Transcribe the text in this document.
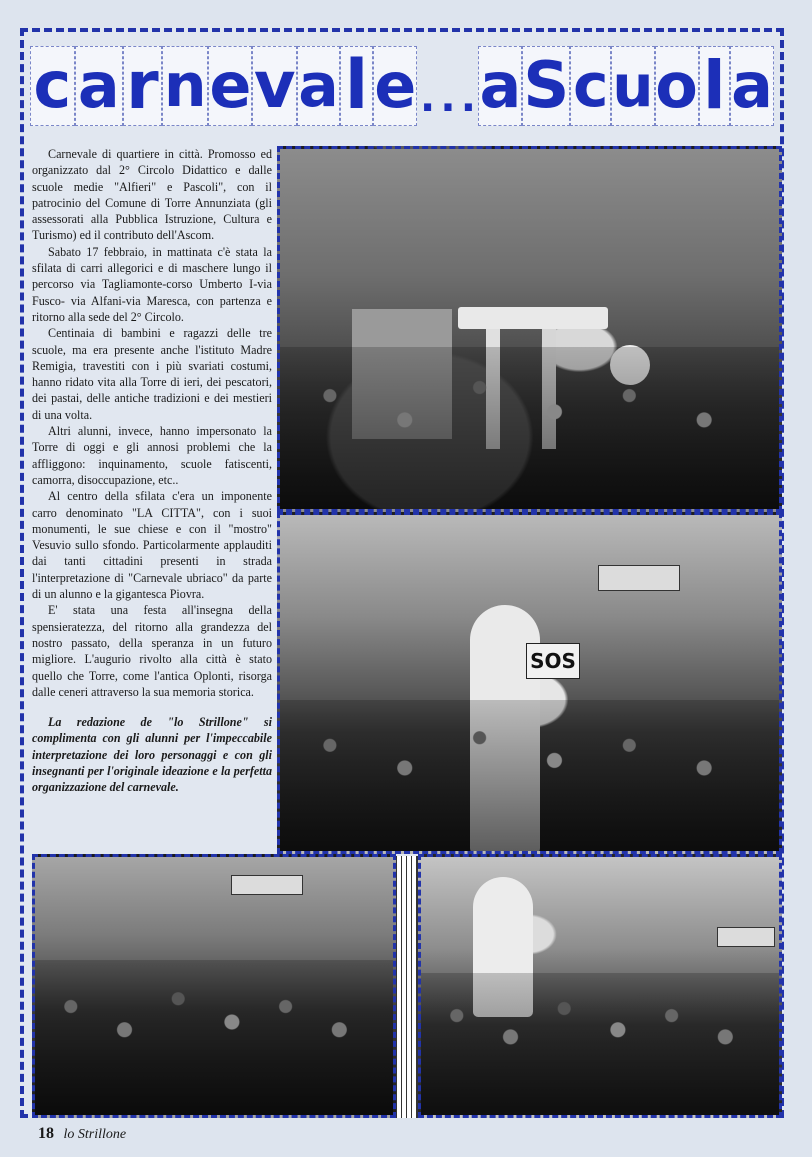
c a r n e v a l e . . . a S c u o l a

Carnevale di quartiere in città. Promosso ed organizzato dal 2° Circolo Didattico e dalle scuole medie "Alfieri" e Pascoli", con il patrocinio del Comune di Torre Annunziata (gli assessorati alla Pubblica Istruzione, Cultura e Turismo) ed il contributo dell'Ascom.

Sabato 17 febbraio, in mattinata c'è stata la sfilata di carri allegorici e di maschere lungo il percorso via Tagliamonte-corso Umberto I-via Fusco- via Alfani-via Maresca, con partenza e ritorno alla sede del 2° Circolo.

Centinaia di bambini e ragazzi delle tre scuole, ma era presente anche l'istituto Madre Remigia, travestiti con i più svariati costumi, hanno ridato vita alla Torre di ieri, dei pescatori, dei pastai, delle antiche tradizioni e dei mestieri di una volta.

Altri alunni, invece, hanno impersonato la Torre di oggi e gli annosi problemi che la affliggono: inquinamento, scuole fatiscenti, camorra, disoccupazione, etc..

Al centro della sfilata c'era un imponente carro denominato "LA CITTA", con i suoi monumenti, le sue chiese e con il "mostro" Vesuvio sullo sfondo. Particolarmente applauditi dai tanti cittadini presenti in strada l'interpretazione di "Carnevale ubriaco" da parte di un alunno e la gigantesca Piovra.

E' stata una festa all'insegna della spensieratezza, del ritorno alla grandezza del nostro passato, della speranza in un futuro migliore. L'augurio rivolto alla città è stato quello che Torre, come l'antica Oplonti, risorga dalle ceneri attraverso la sua memoria storica.

La redazione de "lo Strillone" si complimenta con gli alunni per l'impeccabile interpretazione dei loro personaggi e con gli insegnanti per l'originale ideazione e la perfetta organizzazione del carnevale.

SOS
18 lo Strillone
